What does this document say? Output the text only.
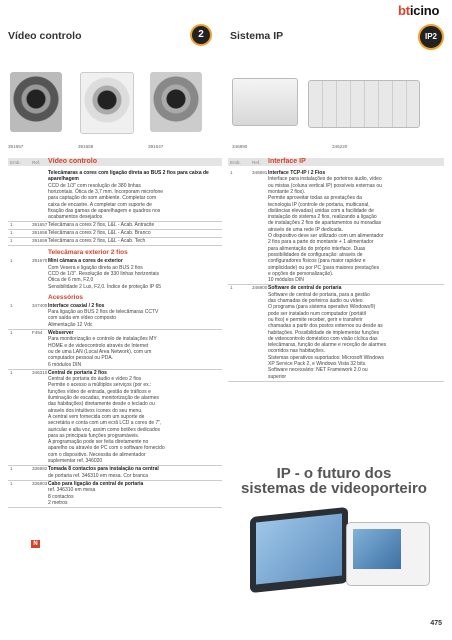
Vídeo controlo	2	Sistema IP	IP2
bticino
391657	391658	391647	346890	346220
Emb. Ref.	Emb. Ref.
Vídeo controlo	Interface IP
N
IP - o futuro dos
sistemas de videoporteiro
475
Telecâmaras a cores com ligação direta ao BUS 2 fios para caixa de aparelhagem
CCD de 1/3" com resolução de 380 linhas
horizontais. Ótica de 3,7 mm. Incorporam microfone
para captação do som ambiente. Completar com
caixa de encastre. A completar com suporte de
fixação das gamas de aparelhagem e quadros nos
acabamentos desejados
1	391657 Telecâmara a cores 2 fios, L&L - Acab. Antracite
1	391658 Telecâmara a cores 2 fios, L&L - Acab. Branco
1	391659 Telecâmara a cores 2 fios, L&L - Acab. Tech
Telecâmara exterior 2 fios
1	391670 Mini câmara a cores de exterior
Com Vesera e ligação direta ao BUS 2 fios
CCD de 1/3". Resolução de 330 linhas horizontais
Ótica de 6 mm, F2,0
Sensibilidade 2 Lux, F2,0. Índice de proteção IP 65
Acessórios
1	347400 Interface coaxial / 2 fios
Para ligação ao BUS 2 fios de telecâmaras CCTV
com saída em vídeo composto
Alimentação 12 Vdc
1	F454 Webserver
Para monitorização e controlo de instalações MY
HOME e de videocontrolo através de Internet
ou de uma LAN (Local Area Network), com um
computador pessoal ou PDA.
6 módulos DIN
1	346310 Central de portaria 2 fios
Central de portaria do áudio e vídeo 2 fios
Permite o acesso a múltiplos serviços (por ex.:
funções vídeo de entrada, gestão de tráficos e
iluminação de escadas, monitorização de alarmes
das habitações) diretamente desde o teclado ou
através dos intuitivos ícones do seu menu.
A central vem fornecida com um suporte de
secretária e conta com um ecrã LCD a cores de 7",
auricular e alta voz, assim como botões dedicados
para as principais funções programáveis.
A programação pode ser feita diretamente no
aparelho ou através de PC com o software fornecido
com o dispositivo. Necessita de alimentador
suplementar ref. 346020
1	336982 Tomada 8 contactos para instalação na central
de portaria ref. 346310 em mesa. Cor branca
1	336803 Cabo para ligação da central de portaria
ref. 346310 em mesa
8 contactos
2 metros
1	346891 Interface TCP-IP / 2 Fios
Interface para instalações de porteiros áudio, vídeo
ou mistas (coluna vertical IP) possíveis externas ou
montante 2 fios).
Permite aproveitar todas as prestações da
tecnologia IP (controle de portaria, multicanal,
distâncias elevadas) unidas com a facilidade de
instalação do sistema 2 fios, realizando a ligação
de instalações 2 fios de apartamentos ou moradias
através de uma rede IP dedicada.
O dispositivo deve ser utilizado com um alimentador
2 fios para a parte do montante + 1 alimentador
para alimentação do próprio interface. Duas
possibilidades de configuração: através de
configuradores físicos (para maior rapidez e
simplicidade) ou por PC (para maiores prestações
e opções de personalização).
10 módulos DIN
1	346900 Software de central de portaria
Software de central de portaria, para a gestão
das chamadas de porteiros áudio ou vídeo.
O programa (para sistema operativo Windows®)
pode ser instalado num computador (portátil
ou fixo) e permite receber, gerir e transferir
chamadas a partir dos postos externos ou desde as
habitações. Possibilidade de implementar funções
de videocontrolo doméstico com visão cíclica das
telecâmaras, função de alarme e receção de alarmes
ocorridos nas habitações.
Sistemas operativos suportados: Microsoft Windows
XP Service Pack 2, e Windows Vista 32 bits.
Software necessário: NET Framework 2.0 ou
superior
